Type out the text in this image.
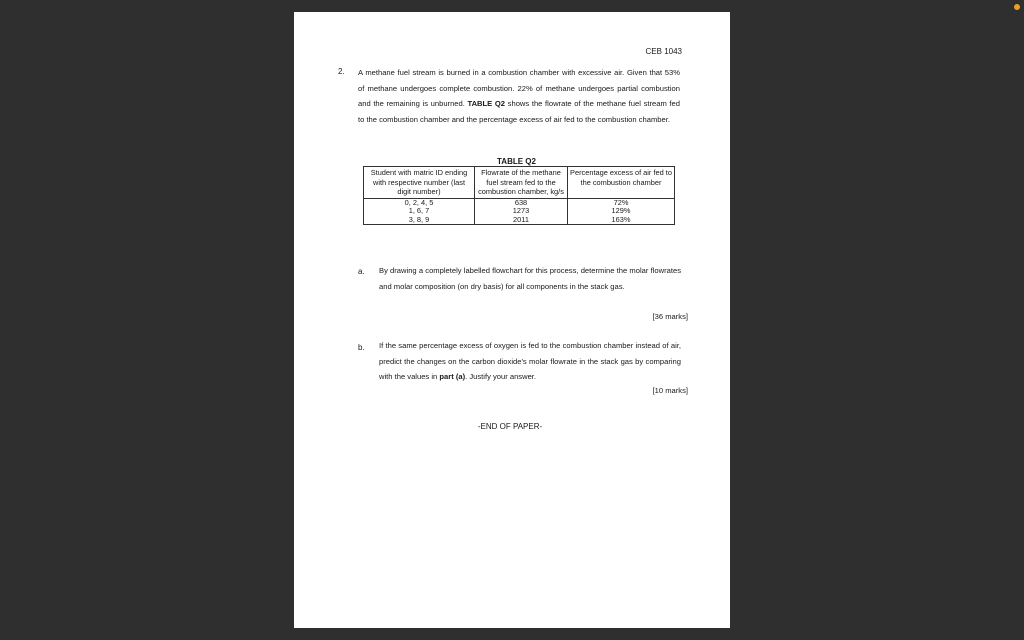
CEB 1043
2. A methane fuel stream is burned in a combustion chamber with excessive air. Given that 53% of methane undergoes complete combustion. 22% of methane undergoes partial combustion and the remaining is unburned. TABLE Q2 shows the flowrate of the methane fuel stream fed to the combustion chamber and the percentage excess of air fed to the combustion chamber.
TABLE Q2
Student with matric ID ending with respective number (last digit number)	Flowrate of the methane fuel stream fed to the combustion chamber, kg/s	Percentage excess of air fed to the combustion chamber
0, 2, 4, 5	638	72%
1, 6, 7	1273	129%
3, 8, 9	2011	163%
a. By drawing a completely labelled flowchart for this process, determine the molar flowrates and molar composition (on dry basis) for all components in the stack gas.
[36 marks]
b. If the same percentage excess of oxygen is fed to the combustion chamber instead of air, predict the changes on the carbon dioxide's molar flowrate in the stack gas by comparing with the values in part (a). Justify your answer.
[10 marks]
-END OF PAPER-
